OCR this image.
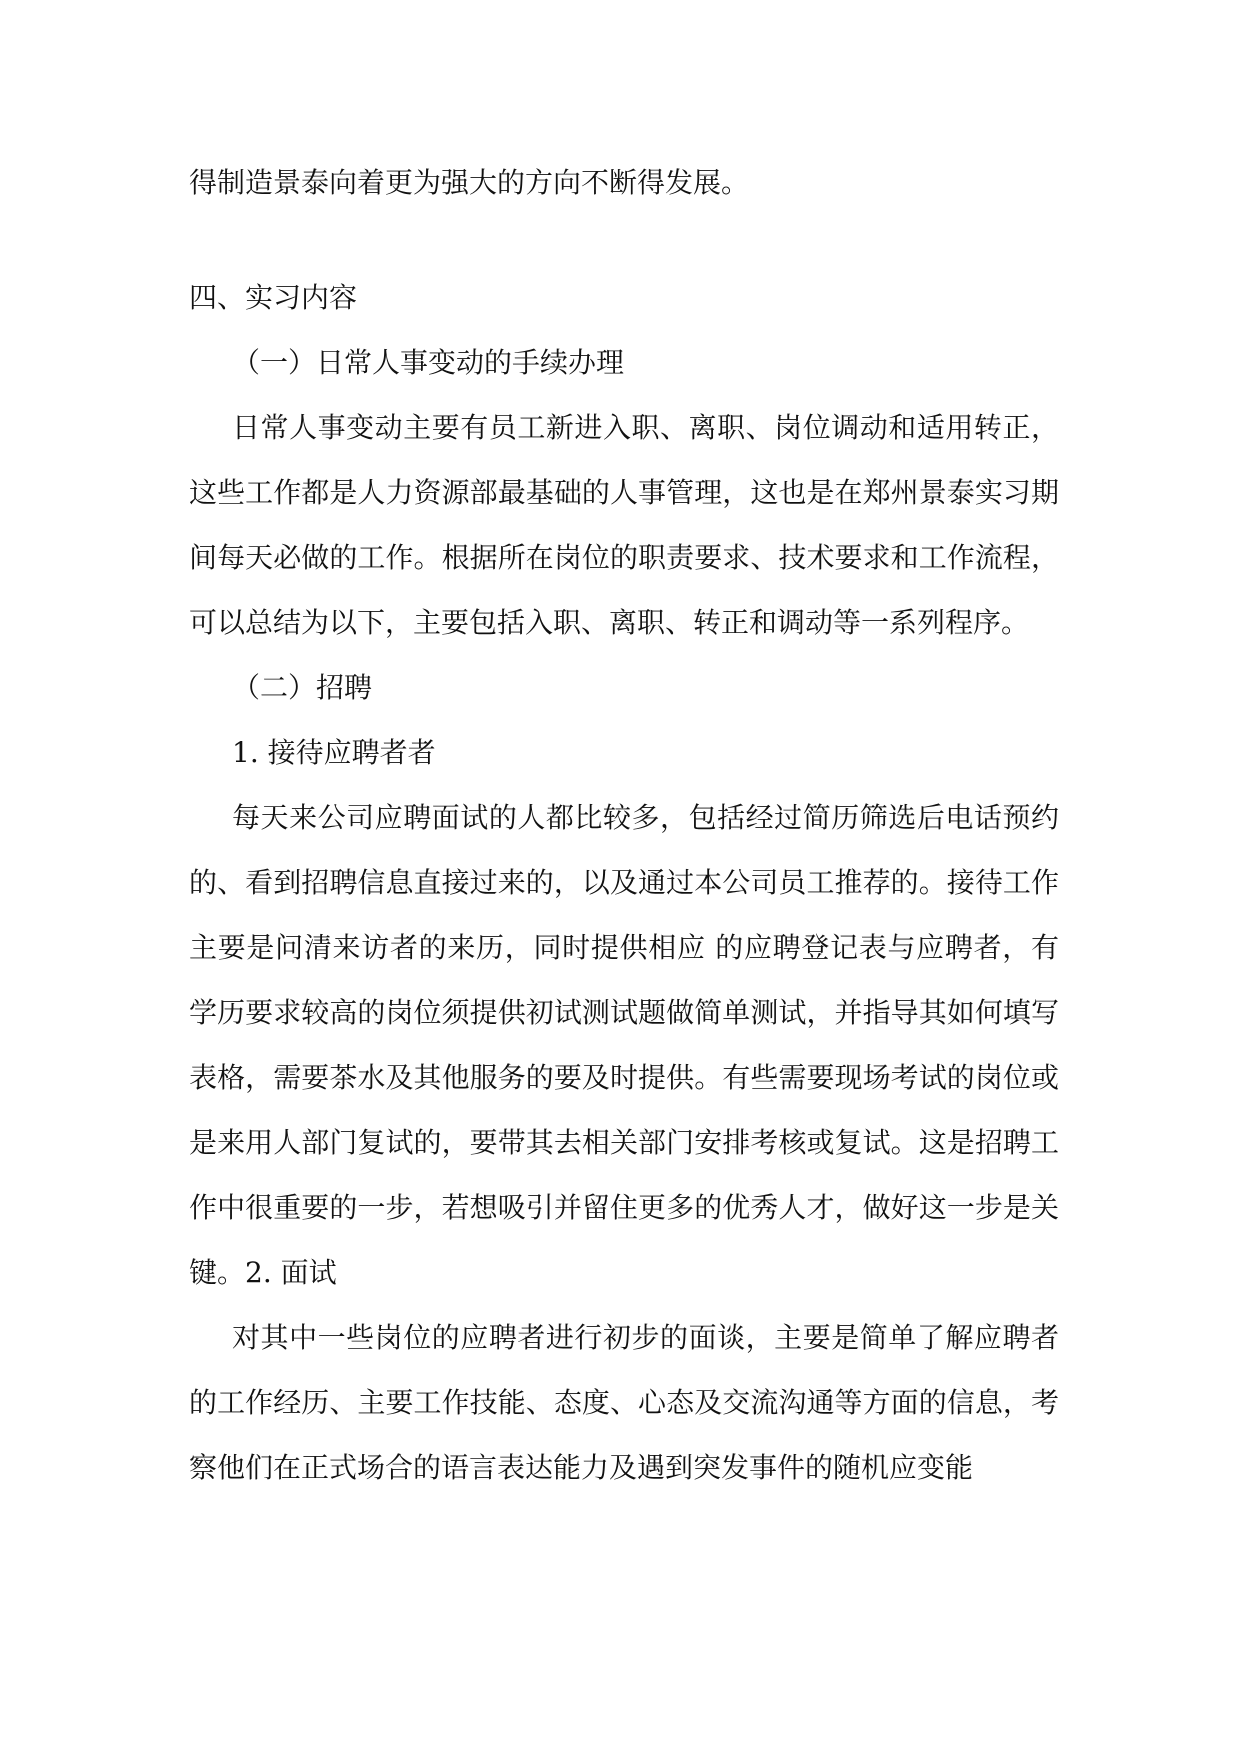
得制造景泰向着更为强大的方向不断得发展。

四、实习内容

（一）日常人事变动的手续办理

日常人事变动主要有员工新进入职、离职、岗位调动和适用转正，这些工作都是人力资源部最基础的人事管理，这也是在郑州景泰实习期间每天必做的工作。根据所在岗位的职责要求、技术要求和工作流程，可以总结为以下，主要包括入职、离职、转正和调动等一系列程序。

（二）招聘

1. 接待应聘者者

每天来公司应聘面试的人都比较多，包括经过简历筛选后电话预约的、看到招聘信息直接过来的，以及通过本公司员工推荐的。接待工作主要是问清来访者的来历，同时提供相应 的应聘登记表与应聘者，有学历要求较高的岗位须提供初试测试题做简单测试，并指导其如何填写表格，需要茶水及其他服务的要及时提供。有些需要现场考试的岗位或是来用人部门复试的，要带其去相关部门安排考核或复试。这是招聘工作中很重要的一步，若想吸引并留住更多的优秀人才，做好这一步是关键。2. 面试

对其中一些岗位的应聘者进行初步的面谈，主要是简单了解应聘者的工作经历、主要工作技能、态度、心态及交流沟通等方面的信息，考察他们在正式场合的语言表达能力及遇到突发事件的随机应变能
